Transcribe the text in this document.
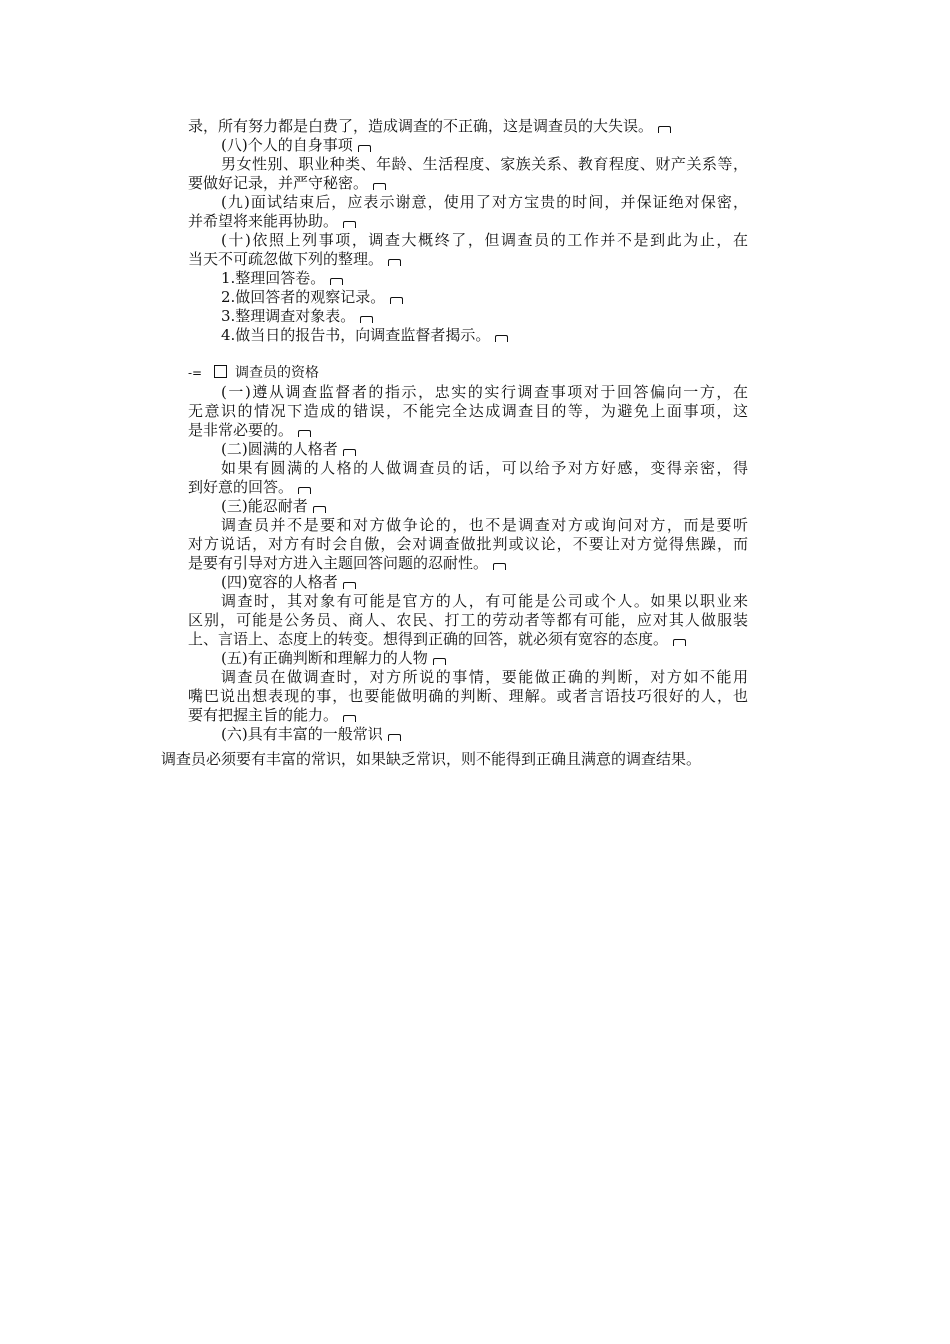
录，所有努力都是白费了，造成调查的不正确，这是调查员的大失误。
(八)个人的自身事项
男女性别、职业种类、年龄、生活程度、家族关系、教育程度、财产关系等，
要做好记录，并严守秘密。
(九)面试结束后，应表示谢意，使用了对方宝贵的时间，并保证绝对保密，
并希望将来能再协助。
(十)依照上列事项，调查大概终了，但调查员的工作并不是到此为止，在
当天不可疏忽做下列的整理。
1.整理回答卷。
2.做回答者的观察记录。
3.整理调查对象表。
4.做当日的报告书，向调查监督者揭示。
-= 调查员的资格
(一)遵从调查监督者的指示，忠实的实行调查事项对于回答偏向一方，在
无意识的情况下造成的错误，不能完全达成调查目的等，为避免上面事项，这
是非常必要的。
(二)圆满的人格者
如果有圆满的人格的人做调查员的话，可以给予对方好感，变得亲密，得
到好意的回答。
(三)能忍耐者
调查员并不是要和对方做争论的，也不是调查对方或询问对方，而是要听
对方说话，对方有时会自傲，会对调查做批判或议论，不要让对方觉得焦躁，而
是要有引导对方进入主题回答问题的忍耐性。
(四)宽容的人格者
调查时，其对象有可能是官方的人，有可能是公司或个人。如果以职业来
区别，可能是公务员、商人、农民、打工的劳动者等都有可能，应对其人做服装
上、言语上、态度上的转变。想得到正确的回答，就必须有宽容的态度。
(五)有正确判断和理解力的人物
调查员在做调查时，对方所说的事情，要能做正确的判断，对方如不能用
嘴巴说出想表现的事，也要能做明确的判断、理解。或者言语技巧很好的人，也
要有把握主旨的能力。
(六)具有丰富的一般常识
调查员必须要有丰富的常识，如果缺乏常识，则不能得到正确且满意的调查结果。
